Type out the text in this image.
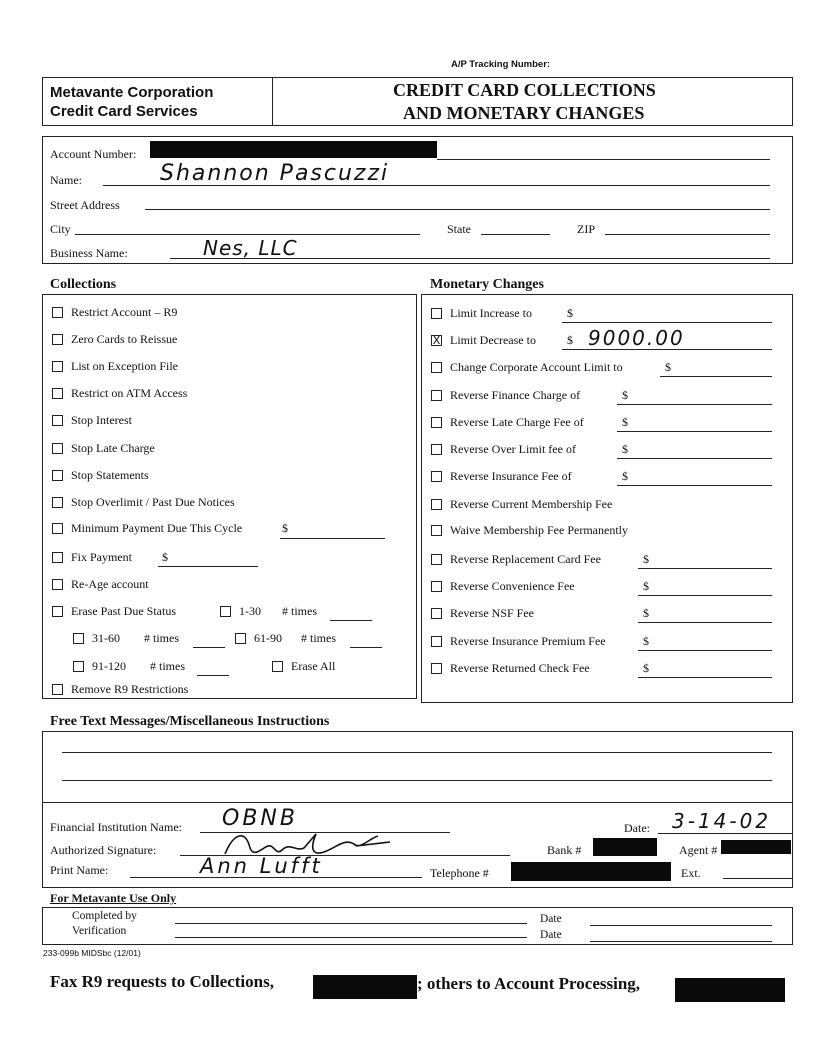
A/P Tracking Number:
Metavante Corporation
Credit Card Services
CREDIT CARD COLLECTIONS
AND MONETARY CHANGES
Account Number:
Name:	Shannon Pascuzzi
Street Address
City	State	ZIP
Business Name:	Nes, LLC
Collections
Restrict Account – R9
Zero Cards to Reissue
List on Exception File
Restrict on ATM Access
Stop Interest
Stop Late Charge
Stop Statements
Stop Overlimit / Past Due Notices
Minimum Payment Due This Cycle	$
Fix Payment $
Re-Age account
Erase Past Due Status	1-30 # times
31-60 # times	61-90 # times
91-120 # times	Erase All
Remove R9 Restrictions
Monetary Changes
Limit Increase to	$
X Limit Decrease to	$ 9000.00
Change Corporate Account Limit to	$
Reverse Finance Charge of	$
Reverse Late Charge Fee of	$
Reverse Over Limit fee of	$
Reverse Insurance Fee of	$
Reverse Current Membership Fee
Waive Membership Fee Permanently
Reverse Replacement Card Fee	$
Reverse Convenience Fee	$
Reverse NSF Fee	$
Reverse Insurance Premium Fee	$
Reverse Returned Check Fee	$
Free Text Messages/Miscellaneous Instructions
Financial Institution Name: OBNB	Date: 3-14-02
Authorized Signature:	Bank #	Agent #
Print Name:	Ann Lufft	Telephone #	Ext.
For Metavante Use Only
Completed by	Date
Verification	Date
233-099b MIDSbc (12/01)
Fax R9 requests to Collections,	; others to Account Processing,
